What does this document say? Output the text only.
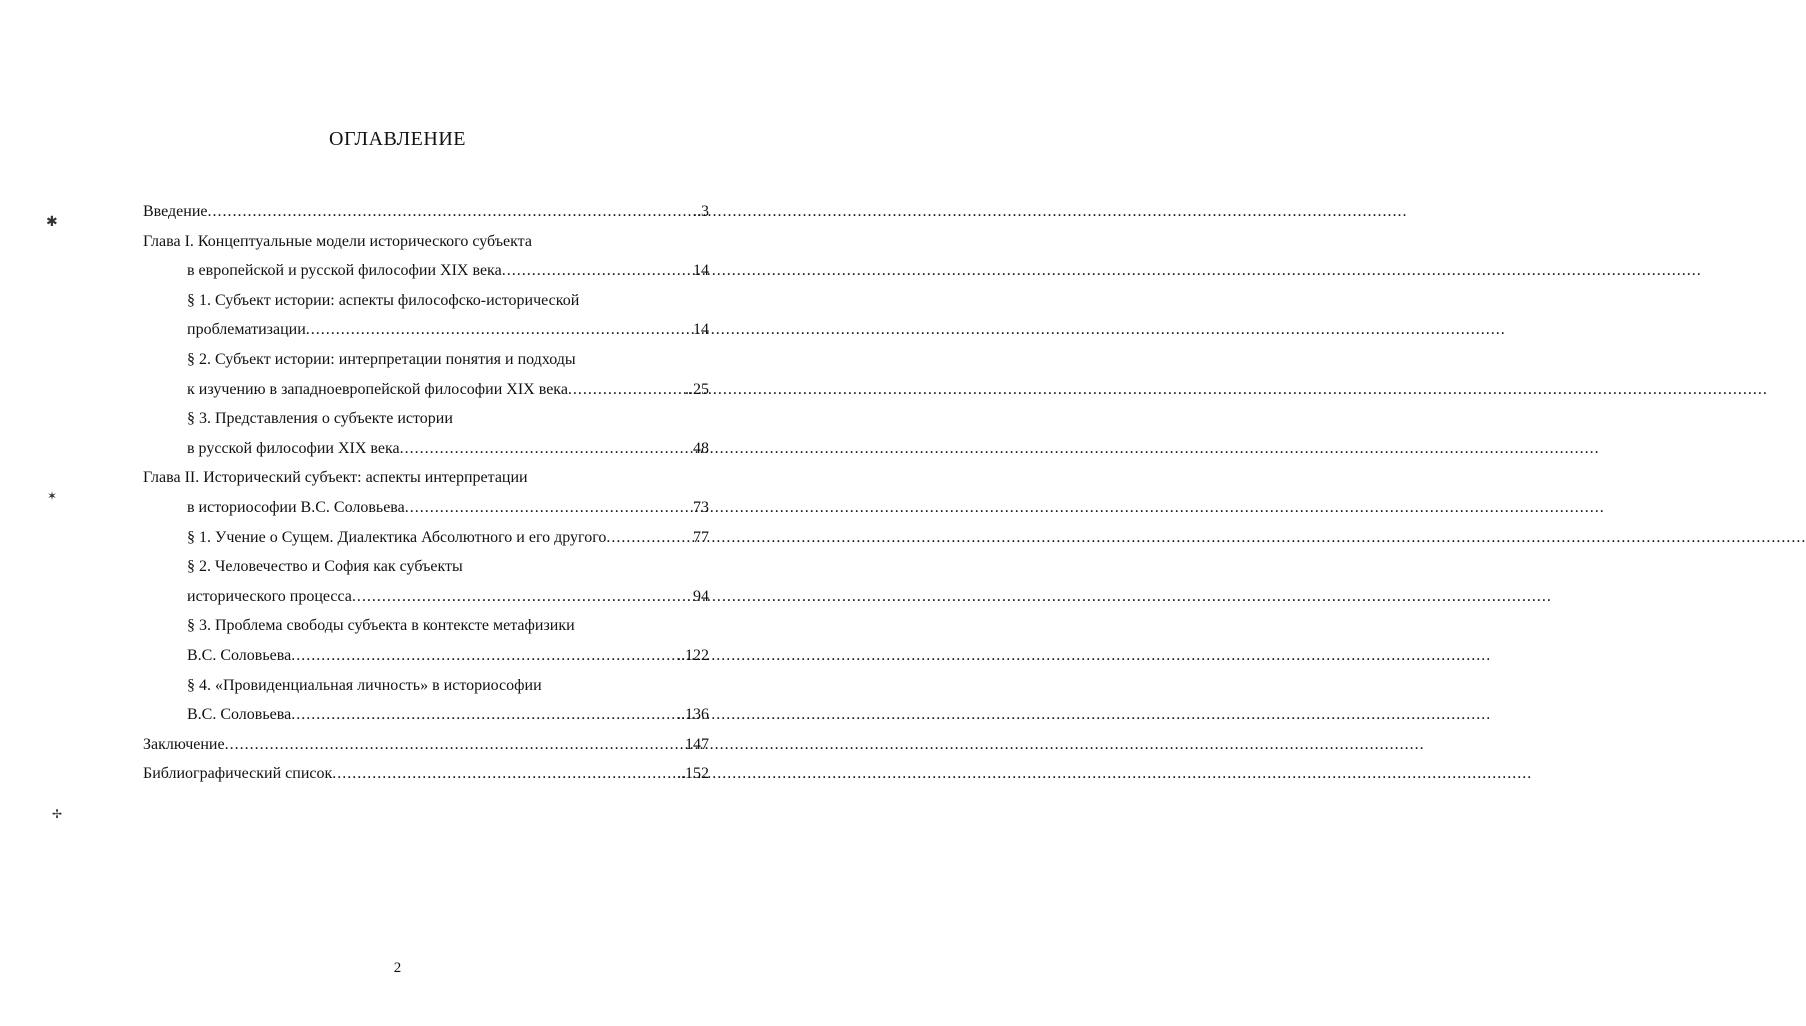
ОГЛАВЛЕНИЕ
Введение .....	..3
Глава I. Концептуальные модели исторического субъекта
в европейской и русской философии XIX века .....	14
§ 1. Субъект истории: аспекты философско-исторической
проблематизации .....	14
§ 2. Субъект истории: интерпретации понятия и подходы
к изучению в западноевропейской философии XIX века .....	..25
§ 3. Представления о субъекте истории
в русской философии XIX века .....	48
Глава II. Исторический субъект: аспекты интерпретации
в историософии В.С. Соловьева .....	73
§ 1. Учение о Сущем. Диалектика Абсолютного и его другого .....	77
§ 2. Человечество и София как субъекты
исторического процесса .....	94
§ 3. Проблема свободы субъекта в контексте метафизики
В.С. Соловьева .....	..122
§ 4. «Провиденциальная личность» в историософии
В.С. Соловьева .....	..136
Заключение .....	147
Библиографический список .....	..152
2
✱
✶
✢
